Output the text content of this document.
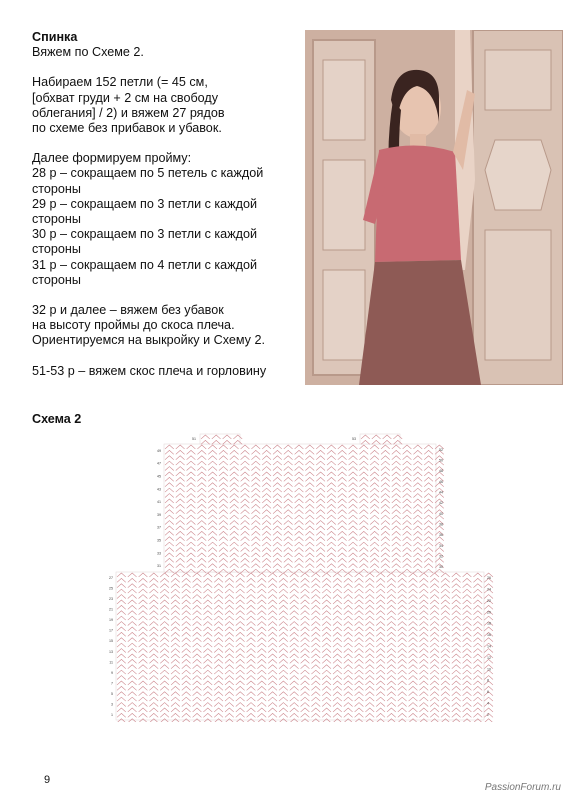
Спинка
Вяжем по Схеме 2.
Набираем 152 петли (= 45 см,
[обхват груди + 2 см на свободу
облегания] / 2) и вяжем 27 рядов
по схеме без прибавок и убавок.
Далее формируем пройму:
28 р – сокращаем по 5 петель с каждой
стороны
29 р – сокращаем по 3 петли с каждой
стороны
30 р – сокращаем по 3 петли с каждой
стороны
31 р – сокращаем по 4 петли с каждой
стороны
32 р и далее – вяжем без убавок
на высоту проймы до скоса плеча.
Ориентируемся на выкройку и Схему 2.
51-53 р – вяжем скос плеча и горловину
Схема 2
1
3
5
7
9
11
13
15
17
19
21
23
25
27
2
4
6
8
10
12
14
16
18
20
22
24
26
31
33
35
37
39
41
43
45
47
49
30
32
34
36
38
40
42
44
46
48
50
52
51	53
9
PassionForum.ru
